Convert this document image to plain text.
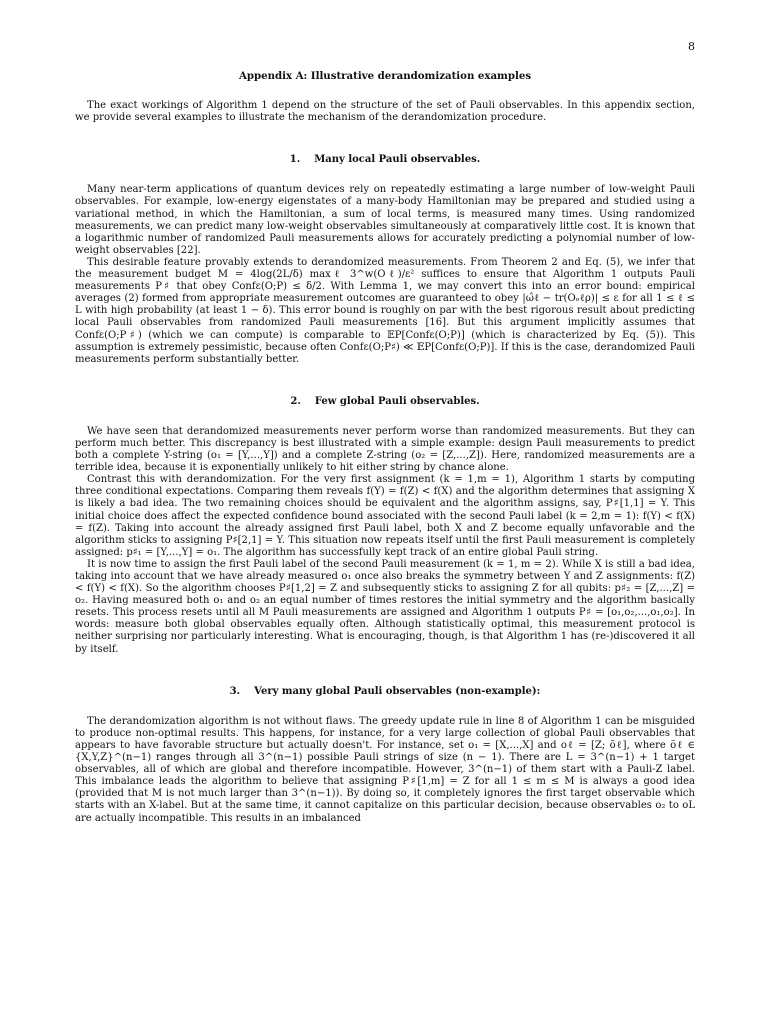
8
Appendix A: Illustrative derandomization examples

The exact workings of Algorithm 1 depend on the structure of the set of Pauli observables. In this appendix section, we provide several examples to illustrate the mechanism of the derandomization procedure.

1. Many local Pauli observables.

Many near-term applications of quantum devices rely on repeatedly estimating a large number of low-weight Pauli observables. For example, low-energy eigenstates of a many-body Hamiltonian may be prepared and studied using a variational method, in which the Hamiltonian, a sum of local terms, is measured many times. Using randomized measurements, we can predict many low-weight observables simultaneously at comparatively little cost. It is known that a logarithmic number of randomized Pauli measurements allows for accurately predicting a polynomial number of low-weight observables [22].

This desirable feature provably extends to derandomized measurements. From Theorem 2 and Eq. (5), we infer that the measurement budget M = 4log(2L/δ) maxℓ 3^w(Oℓ)/ε² suffices to ensure that Algorithm 1 outputs Pauli measurements P♯ that obey Confε(O;P) ≤ δ/2. With Lemma 1, we may convert this into an error bound: empirical averages (2) formed from appropriate measurement outcomes are guaranteed to obey |ω̂ℓ − tr(Oₒℓρ)| ≤ ε for all 1 ≤ ℓ ≤ L with high probability (at least 1 − δ). This error bound is roughly on par with the best rigorous result about predicting local Pauli observables from randomized Pauli measurements [16]. But this argument implicitly assumes that Confε(O;P♯) (which we can compute) is comparable to 𝔼P[Confε(O;P)] (which is characterized by Eq. (5)). This assumption is extremely pessimistic, because often Confε(O;P♯) ≪ 𝔼P[Confε(O;P)]. If this is the case, derandomized Pauli measurements perform substantially better.

2. Few global Pauli observables.

We have seen that derandomized measurements never perform worse than randomized measurements. But they can perform much better. This discrepancy is best illustrated with a simple example: design Pauli measurements to predict both a complete Y-string (o₁ = [Y,...,Y]) and a complete Z-string (o₂ = [Z,...,Z]). Here, randomized measurements are a terrible idea, because it is exponentially unlikely to hit either string by chance alone.

Contrast this with derandomization. For the very first assignment (k = 1,m = 1), Algorithm 1 starts by computing three conditional expectations. Comparing them reveals f(Y) = f(Z) < f(X) and the algorithm determines that assigning X is likely a bad idea. The two remaining choices should be equivalent and the algorithm assigns, say, P♯[1,1] = Y. This initial choice does affect the expected confidence bound associated with the second Pauli label (k = 2,m = 1): f(Y) < f(X) = f(Z). Taking into account the already assigned first Pauli label, both X and Z become equally unfavorable and the algorithm sticks to assigning P♯[2,1] = Y. This situation now repeats itself until the first Pauli measurement is completely assigned: p♯₁ = [Y,...,Y] = o₁. The algorithm has successfully kept track of an entire global Pauli string.

It is now time to assign the first Pauli label of the second Pauli measurement (k = 1, m = 2). While X is still a bad idea, taking into account that we have already measured o₁ once also breaks the symmetry between Y and Z assignments: f(Z) < f(Y) < f(X). So the algorithm chooses P♯[1,2] = Z and subsequently sticks to assigning Z for all qubits: p♯₂ = [Z,...,Z] = o₂. Having measured both o₁ and o₂ an equal number of times restores the initial symmetry and the algorithm basically resets. This process resets until all M Pauli measurements are assigned and Algorithm 1 outputs P♯ = [o₁,o₂,...,o₁,o₂]. In words: measure both global observables equally often. Although statistically optimal, this measurement protocol is neither surprising nor particularly interesting. What is encouraging, though, is that Algorithm 1 has (re-)discovered it all by itself.

3. Very many global Pauli observables (non-example):

The derandomization algorithm is not without flaws. The greedy update rule in line 8 of Algorithm 1 can be misguided to produce non-optimal results. This happens, for instance, for a very large collection of global Pauli observables that appears to have favorable structure but actually doesn't. For instance, set o₁ = [X,...,X] and oℓ = [Z; õℓ], where õℓ ∈ {X,Y,Z}^(n−1) ranges through all 3^(n−1) possible Pauli strings of size (n − 1). There are L = 3^(n−1) + 1 target observables, all of which are global and therefore incompatible. However, 3^(n−1) of them start with a Pauli-Z label. This imbalance leads the algorithm to believe that assigning P♯[1,m] = Z for all 1 ≤ m ≤ M is always a good idea (provided that M is not much larger than 3^(n−1)). By doing so, it completely ignores the first target observable which starts with an X-label. But at the same time, it cannot capitalize on this particular decision, because observables o₂ to oL are actually incompatible. This results in an imbalanced
